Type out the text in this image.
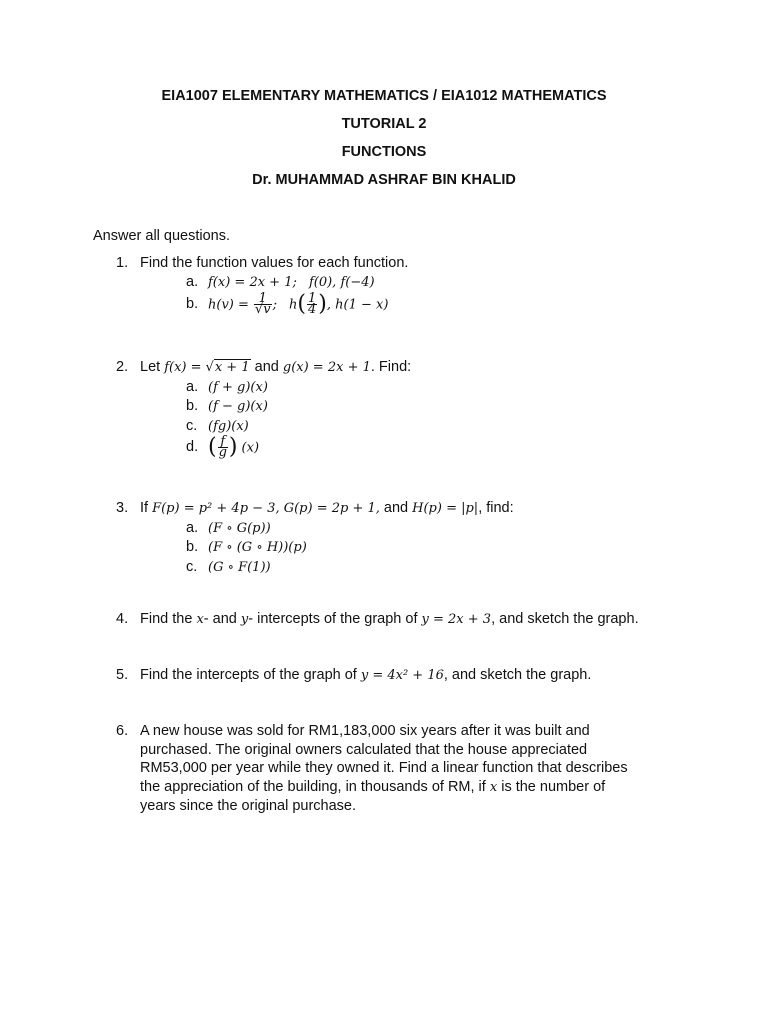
EIA1007 ELEMENTARY MATHEMATICS / EIA1012 MATHEMATICS
TUTORIAL 2
FUNCTIONS
Dr. MUHAMMAD ASHRAF BIN KHALID
Answer all questions.
1. Find the function values for each function.
a. f(x) = 2x + 1; f(0), f(−4)
b. $h(v) = \frac{1}{√v}$ ; $h( \frac{1}{4}$ ), h(1 − x)
2. Let f(x) = √x + 1 and g(x) = 2x + 1. Find:
a. (f + g)(x)
b. (f − g)(x)
c. (fg)(x)
d. ( $\frac{f}{g}$ ) (x)
3. If F(p) = p² + 4p − 3, G(p) = 2p + 1, and H(p) = |p|, find:
a. (F ∘ G(p))
b. (F ∘ (G ∘ H))(p)
c. (G ∘ F(1))
4. Find the x- and y- intercepts of the graph of y = 2x + 3, and sketch the graph.
5. Find the intercepts of the graph of y = 4x² + 16, and sketch the graph.
6. A new house was sold for RM1,183,000 six years after it was built and
purchased. The original owners calculated that the house appreciated
RM53,000 per year while they owned it. Find a linear function that describes
the appreciation of the building, in thousands of RM, if x is the number of
years since the original purchase.
